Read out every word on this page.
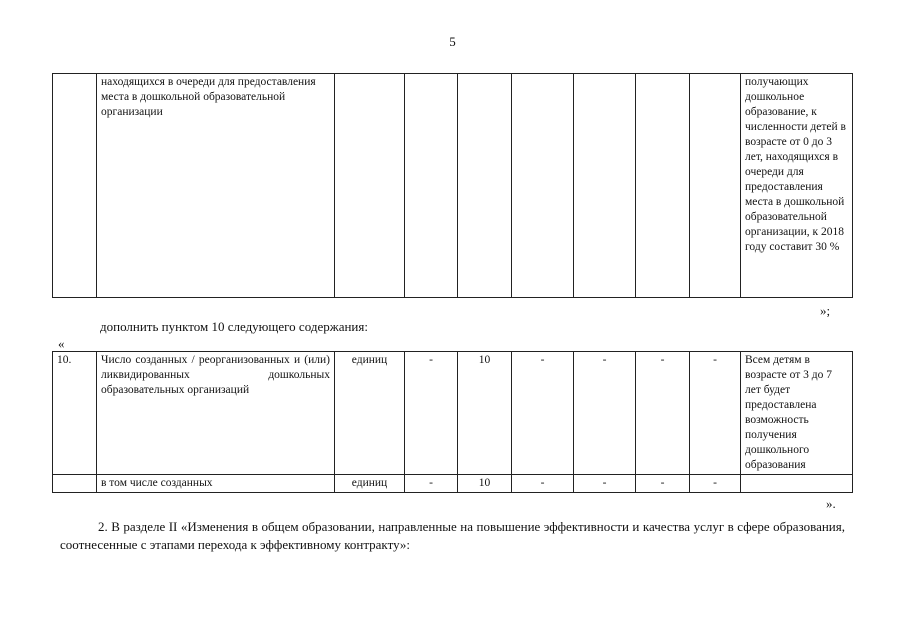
5
	находящихся в очереди для предоставления места в дошкольной образовательной организации								получающих дошкольное образование, к численности детей в возрасте от 0 до 3 лет, находящихся в очереди для предоставления места в дошкольной образовательной организации, к 2018 году составит 30 %
»;
дополнить пунктом 10 следующего содержания:
«
10.	Число созданных / реорганизованных и (или) ликвидированных дошкольных образовательных организаций	единиц	-	10	-	-	-	-	Всем детям в возрасте от 3 до 7 лет будет предоставлена возможность получения дошкольного образования
	в том числе созданных	единиц	-	10	-	-	-	-	
».
2. В разделе II «Изменения в общем образовании, направленные на повышение эффективности и качества услуг в сфере образования, соотнесенные с этапами перехода к эффективному контракту»:
